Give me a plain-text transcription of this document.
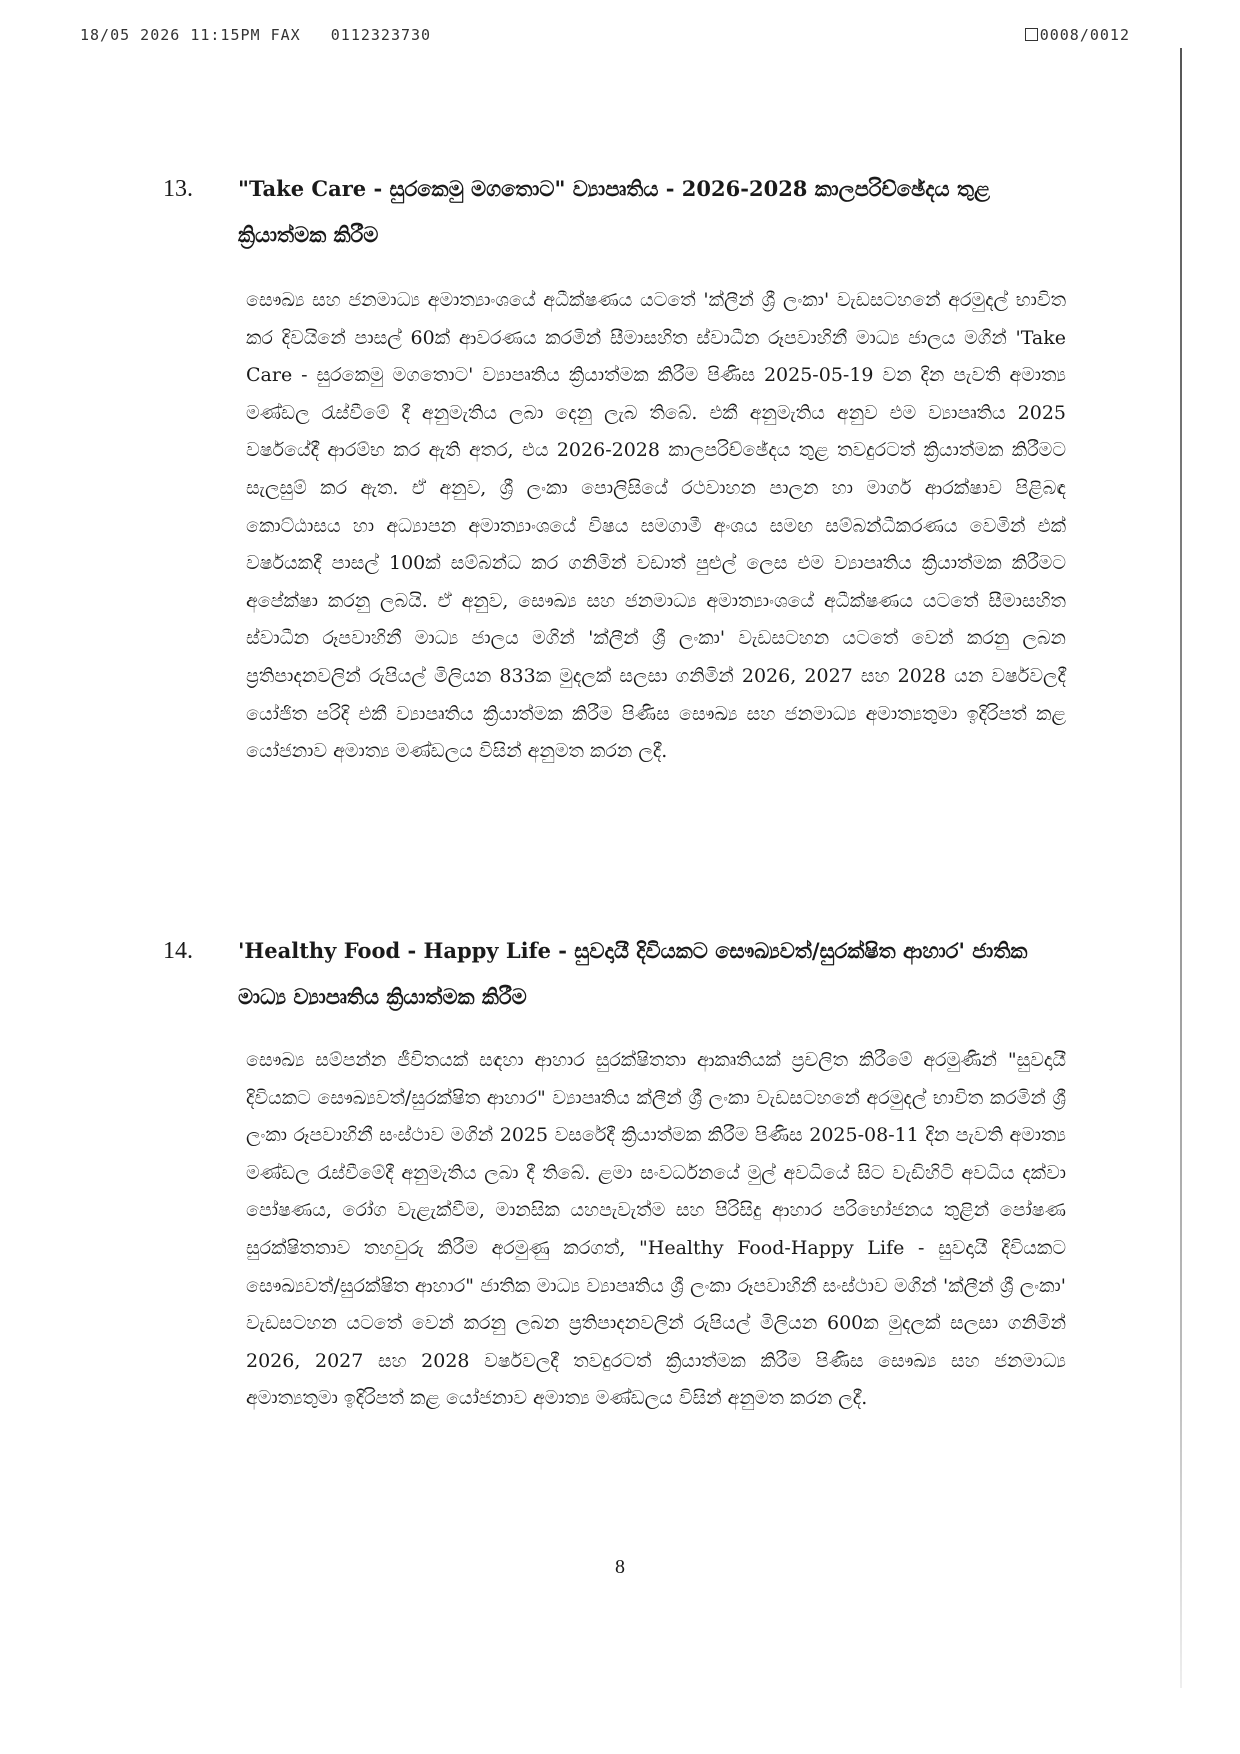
18/05 2026 11:15PM FAX   0112323730	0008/0012
13. "Take Care - සුරකෙමු මගතොට" ව්‍යාපෘතිය - 2026-2028 කාලපරිච්ඡේදය තුළ ක්‍රියාත්මක කිරීම
සෞඛ්‍ය සහ ජනමාධ්‍ය අමාත්‍යාංශයේ අධීක්ෂණය යටතේ 'ක්ලීන් ශ්‍රී ලංකා' වැඩසටහනේ අරමුදල් භාවිත කර දිවයිනේ පාසල් 60ක් ආවරණය කරමින් සීමාසහිත ස්වාධීන රූපවාහිනී මාධ්‍ය ජාලය මගින් 'Take Care - සුරකෙමු මගතොට' ව්‍යාපෘතිය ක්‍රියාත්මක කිරීම පිණිස 2025-05-19 වන දින පැවති අමාත්‍ය මණ්ඩල රැස්වීමේ දී අනුමැතිය ලබා දෙනු ලැබ තිබේ. එකී අනුමැතිය අනුව එම ව්‍යාපෘතිය 2025 වර්ෂයේදී ආරම්භ කර ඇති අතර, එය 2026-2028 කාලපරිච්ඡේදය තුළ තවදුරටත් ක්‍රියාත්මක කිරීමට සැලසුම් කර ඇත. ඒ අනුව, ශ්‍රී ලංකා පොලිසියේ රථවාහන පාලන හා මාර්ග ආරක්ෂාව පිළිබඳ කොට්ඨාසය හා අධ්‍යාපන අමාත්‍යාංශයේ විෂය සමගාමී අංශය සමඟ සම්බන්ධීකරණය වෙමින් එක් වර්ෂයකදී පාසල් 100ක් සම්බන්ධ කර ගනිමින් වඩාත් පුළුල් ලෙස එම ව්‍යාපෘතිය ක්‍රියාත්මක කිරීමට අපේක්ෂා කරනු ලබයි. ඒ අනුව, සෞඛ්‍ය සහ ජනමාධ්‍ය අමාත්‍යාංශයේ අධීක්ෂණය යටතේ සීමාසහිත ස්වාධීන රූපවාහිනී මාධ්‍ය ජාලය මගින් 'ක්ලීන් ශ්‍රී ලංකා' වැඩසටහන යටතේ වෙන් කරනු ලබන ප්‍රතිපාදනවලින් රුපියල් මිලියන 833ක මුදලක් සලසා ගනිමින් 2026, 2027 සහ 2028 යන වර්ෂවලදී යෝජිත පරිදි එකී ව්‍යාපෘතිය ක්‍රියාත්මක කිරීම පිණිස සෞඛ්‍ය සහ ජනමාධ්‍ය අමාත්‍යතුමා ඉදිරිපත් කළ යෝජනාව අමාත්‍ය මණ්ඩලය විසින් අනුමත කරන ලදී.
14. 'Healthy Food - Happy Life - සුවදායී දිවියකට සෞඛ්‍යවත්/සුරක්ෂිත ආහාර' ජාතික මාධ්‍ය ව්‍යාපෘතිය ක්‍රියාත්මක කිරීම
සෞඛ්‍ය සම්පන්න ජීවිතයක් සඳහා ආහාර සුරක්ෂිතතා ආකෘතියක් ප්‍රචලිත කිරීමේ අරමුණින් "සුවදායී දිවියකට සෞඛ්‍යවත්/සුරක්ෂිත ආහාර" ව්‍යාපෘතිය ක්ලීන් ශ්‍රී ලංකා වැඩසටහනේ අරමුදල් භාවිත කරමින් ශ්‍රී ලංකා රූපවාහිනී සංස්ථාව මගින් 2025 වසරේදී ක්‍රියාත්මක කිරීම පිණිස 2025-08-11 දින පැවති අමාත්‍ය මණ්ඩල රැස්වීමේදී අනුමැතිය ලබා දී තිබේ. ළමා සංවර්ධනයේ මුල් අවධියේ සිට වැඩිහිටි අවධිය දක්වා පෝෂණය, රෝග වැළැක්වීම, මානසික යහපැවැත්ම සහ පිරිසිදු ආහාර පරිභෝජනය තුළින් පෝෂණ සුරක්ෂිතතාව තහවුරු කිරීම අරමුණු කරගත්, "Healthy Food-Happy Life - සුවදායී දිවියකට සෞඛ්‍යවත්/සුරක්ෂිත ආහාර" ජාතික මාධ්‍ය ව්‍යාපෘතිය ශ්‍රී ලංකා රූපවාහිනී සංස්ථාව මගින් 'ක්ලීන් ශ්‍රී ලංකා' වැඩසටහන යටතේ වෙන් කරනු ලබන ප්‍රතිපාදනවලින් රුපියල් මිලියන 600ක මුදලක් සලසා ගනිමින් 2026, 2027 සහ 2028 වර්ෂවලදී තවදුරටත් ක්‍රියාත්මක කිරීම පිණිස සෞඛ්‍ය සහ ජනමාධ්‍ය අමාත්‍යතුමා ඉදිරිපත් කළ යෝජනාව අමාත්‍ය මණ්ඩලය විසින් අනුමත කරන ලදී.
8
